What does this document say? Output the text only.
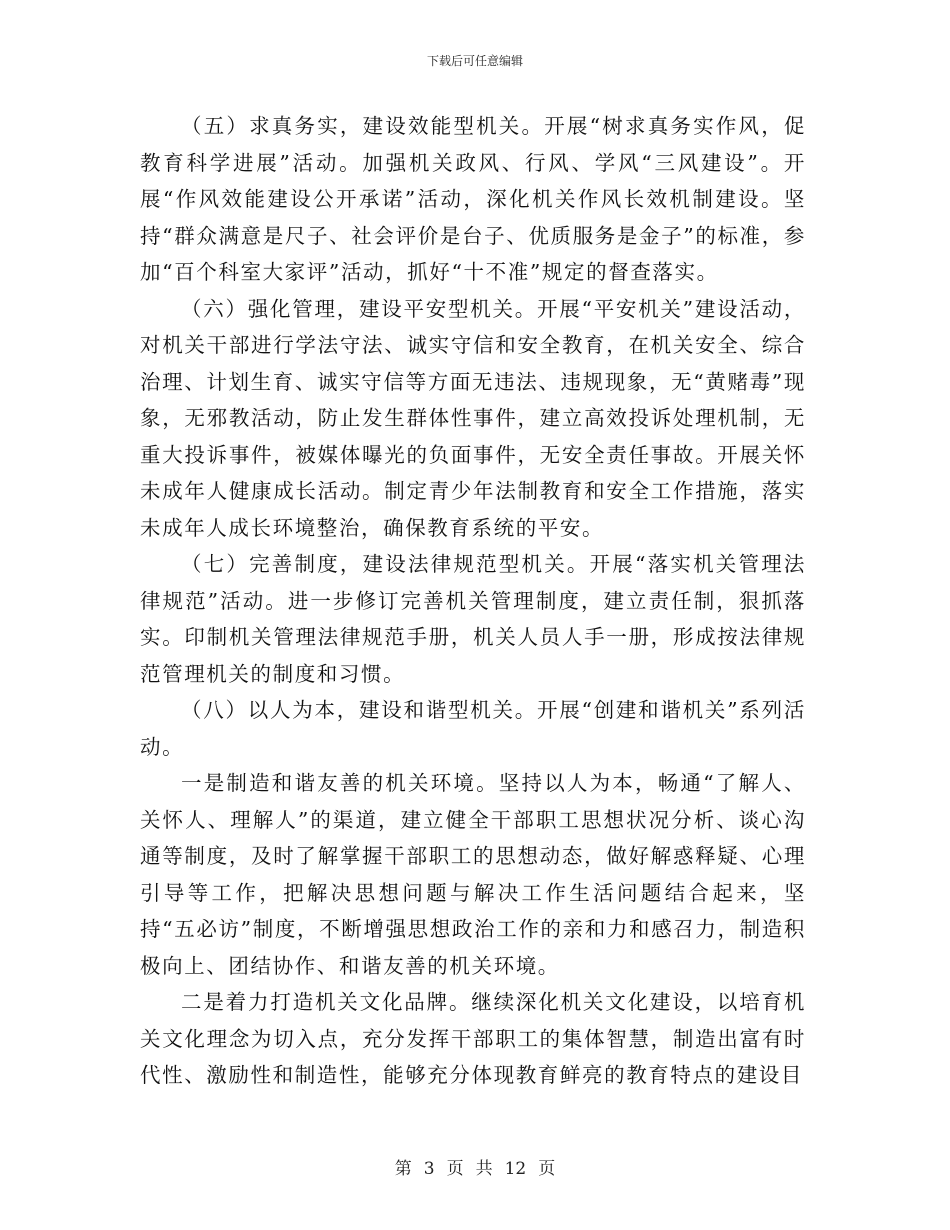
下载后可任意编辑

（五）求真务实，建设效能型机关。开展“树求真务实作风，促教育科学进展”活动。加强机关政风、行风、学风“三风建设”。开展“作风效能建设公开承诺”活动，深化机关作风长效机制建设。坚持“群众满意是尺子、社会评价是台子、优质服务是金子”的标准，参加“百个科室大家评”活动，抓好“十不准”规定的督查落实。

（六）强化管理，建设平安型机关。开展“平安机关”建设活动，对机关干部进行学法守法、诚实守信和安全教育，在机关安全、综合治理、计划生育、诚实守信等方面无违法、违规现象，无“黄赌毒”现象，无邪教活动，防止发生群体性事件，建立高效投诉处理机制，无重大投诉事件，被媒体曝光的负面事件，无安全责任事故。开展关怀未成年人健康成长活动。制定青少年法制教育和安全工作措施，落实未成年人成长环境整治，确保教育系统的平安。

（七）完善制度，建设法律规范型机关。开展“落实机关管理法律规范”活动。进一步修订完善机关管理制度，建立责任制，狠抓落实。印制机关管理法律规范手册，机关人员人手一册，形成按法律规范管理机关的制度和习惯。

（八）以人为本，建设和谐型机关。开展“创建和谐机关”系列活动。

一是制造和谐友善的机关环境。坚持以人为本，畅通“了解人、关怀人、理解人”的渠道，建立健全干部职工思想状况分析、谈心沟通等制度，及时了解掌握干部职工的思想动态，做好解惑释疑、心理引导等工作，把解决思想问题与解决工作生活问题结合起来，坚持“五必访”制度，不断增强思想政治工作的亲和力和感召力，制造积极向上、团结协作、和谐友善的机关环境。

二是着力打造机关文化品牌。继续深化机关文化建设，以培育机关文化理念为切入点，充分发挥干部职工的集体智慧，制造出富有时代性、激励性和制造性，能够充分体现教育鲜亮的教育特点的建设目

第 3 页 共 12 页
